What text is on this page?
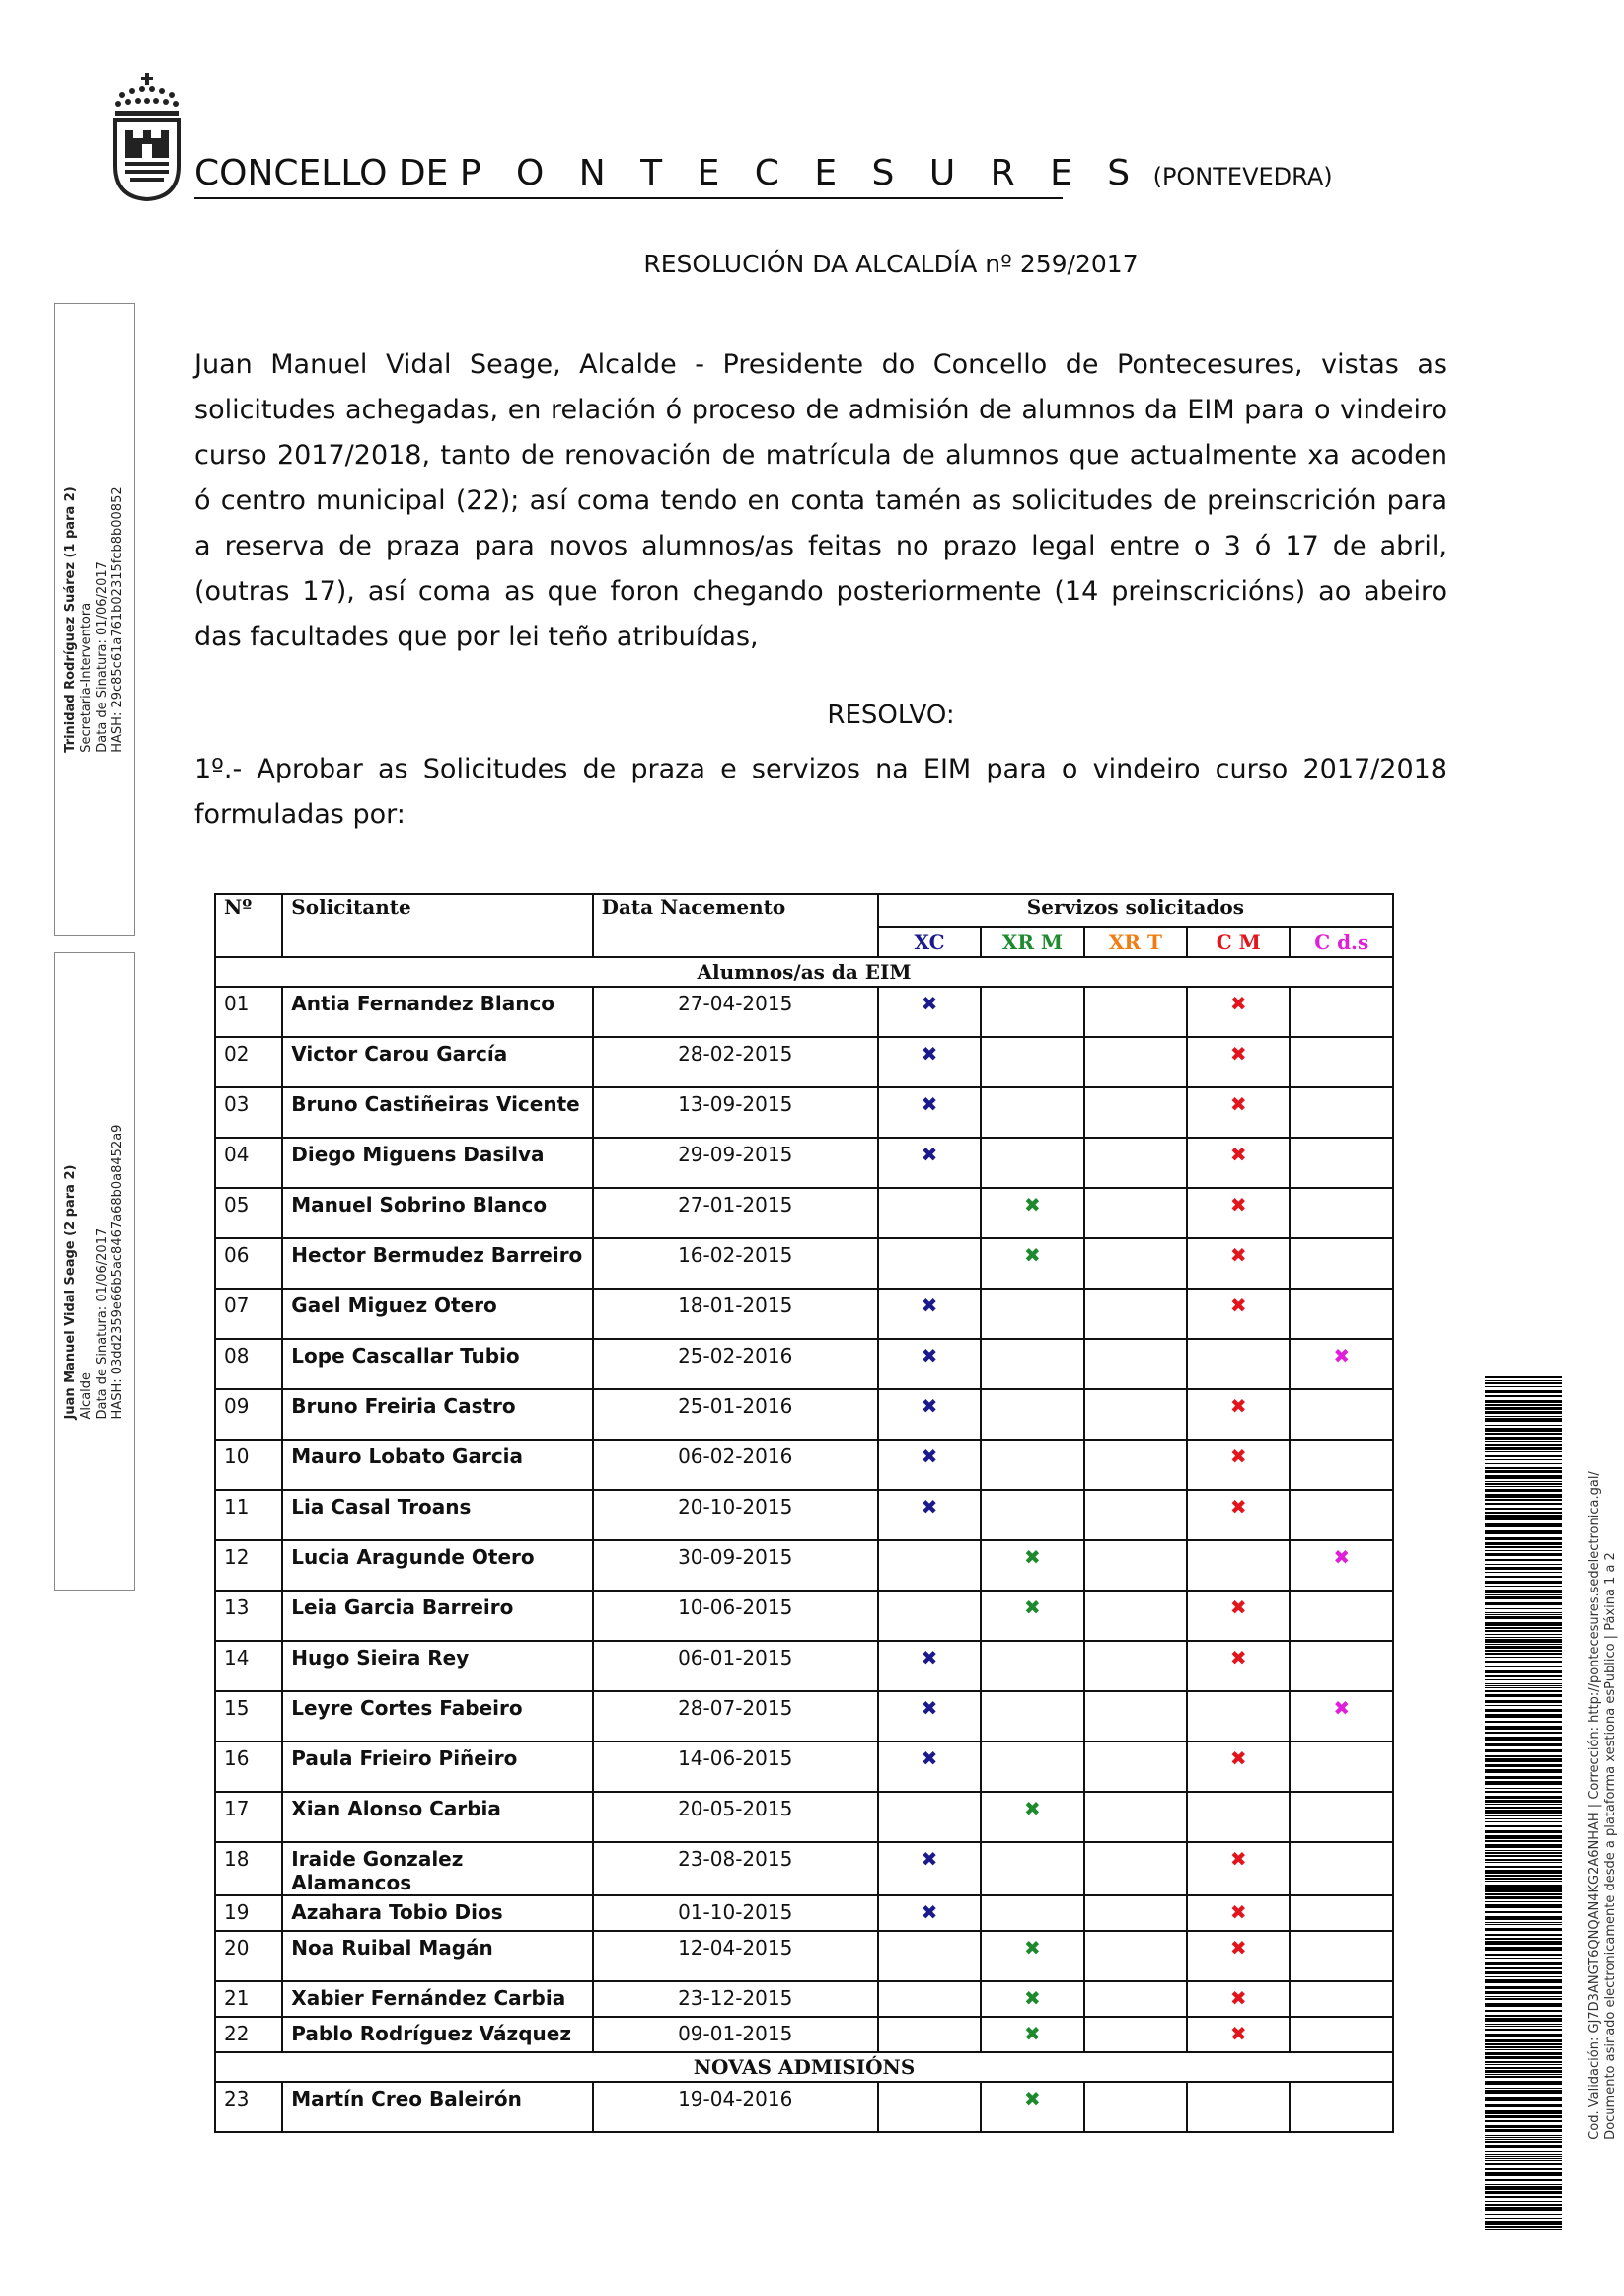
CONCELLO DE P O N T E C E S U R E S (PONTEVEDRA)
RESOLUCIÓN DA ALCALDÍA nº 259/2017
Juan Manuel Vidal Seage, Alcalde - Presidente do Concello de Pontecesures, vistas as solicitudes achegadas, en relación ó proceso de admisión de alumnos da EIM para o vindeiro curso 2017/2018, tanto de renovación de matrícula de alumnos que actualmente xa acoden ó centro municipal (22); así coma tendo en conta tamén as solicitudes de preinscrición para a reserva de praza para novos alumnos/as feitas no prazo legal entre o 3 ó 17 de abril, (outras 17), así coma as que foron chegando posteriormente (14 preinscricións) ao abeiro das facultades que por lei teño atribuídas,
RESOLVO:
1º.- Aprobar as Solicitudes de praza e servizos na EIM para o vindeiro curso 2017/2018 formuladas por:
Trinidad Rodríguez Suárez (1 para 2) Secretaria-Interventora Data de Sinatura: 01/06/2017 HASH: 29c85c61a761b02315fcb8b00852
Juan Manuel Vidal Seage (2 para 2) Alcalde Data de Sinatura: 01/06/2017 HASH: 03dd2359e66b5ac8467a68b0a8452a9
Nº	Solicitante	Data Nacemento	Servizos solicitados				
			XC	XR M	XR T	C M	C d.s
Alumnos/as da EIM							
01	Antia Fernandez Blanco	27-04-2015	✖			✖	
02	Victor Carou García	28-02-2015	✖			✖	
03	Bruno Castiñeiras Vicente	13-09-2015	✖			✖	
04	Diego Miguens Dasilva	29-09-2015	✖			✖	
05	Manuel Sobrino Blanco	27-01-2015		✖		✖	
06	Hector Bermudez Barreiro	16-02-2015		✖		✖	
07	Gael Miguez Otero	18-01-2015	✖			✖	
08	Lope Cascallar Tubio	25-02-2016	✖				✖
09	Bruno Freiria Castro	25-01-2016	✖			✖	
10	Mauro Lobato Garcia	06-02-2016	✖			✖	
11	Lia Casal Troans	20-10-2015	✖			✖	
12	Lucia Aragunde Otero	30-09-2015		✖			✖
13	Leia Garcia Barreiro	10-06-2015		✖		✖	
14	Hugo Sieira Rey	06-01-2015	✖			✖	
15	Leyre Cortes Fabeiro	28-07-2015	✖				✖
16	Paula Frieiro Piñeiro	14-06-2015	✖			✖	
17	Xian Alonso Carbia	20-05-2015		✖			
18	Iraide Gonzalez Alamancos	23-08-2015	✖			✖	
19	Azahara Tobio Dios	01-10-2015	✖			✖	
20	Noa Ruibal Magán	12-04-2015		✖		✖	
21	Xabier Fernández Carbia	23-12-2015		✖		✖	
22	Pablo Rodríguez Vázquez	09-01-2015		✖		✖	
NOVAS ADMISIÓNS							
23	Martín Creo Baleirón	19-04-2016		✖				Cod. Validación: GJ7D3ANGT6QNQAN4KG2A6NHAH | Corrección: http://pontecesures.sedelectronica.gal/ Documento asinado electronicamente desde a plataforma xestiona esPublico | Páxina 1 a 2
